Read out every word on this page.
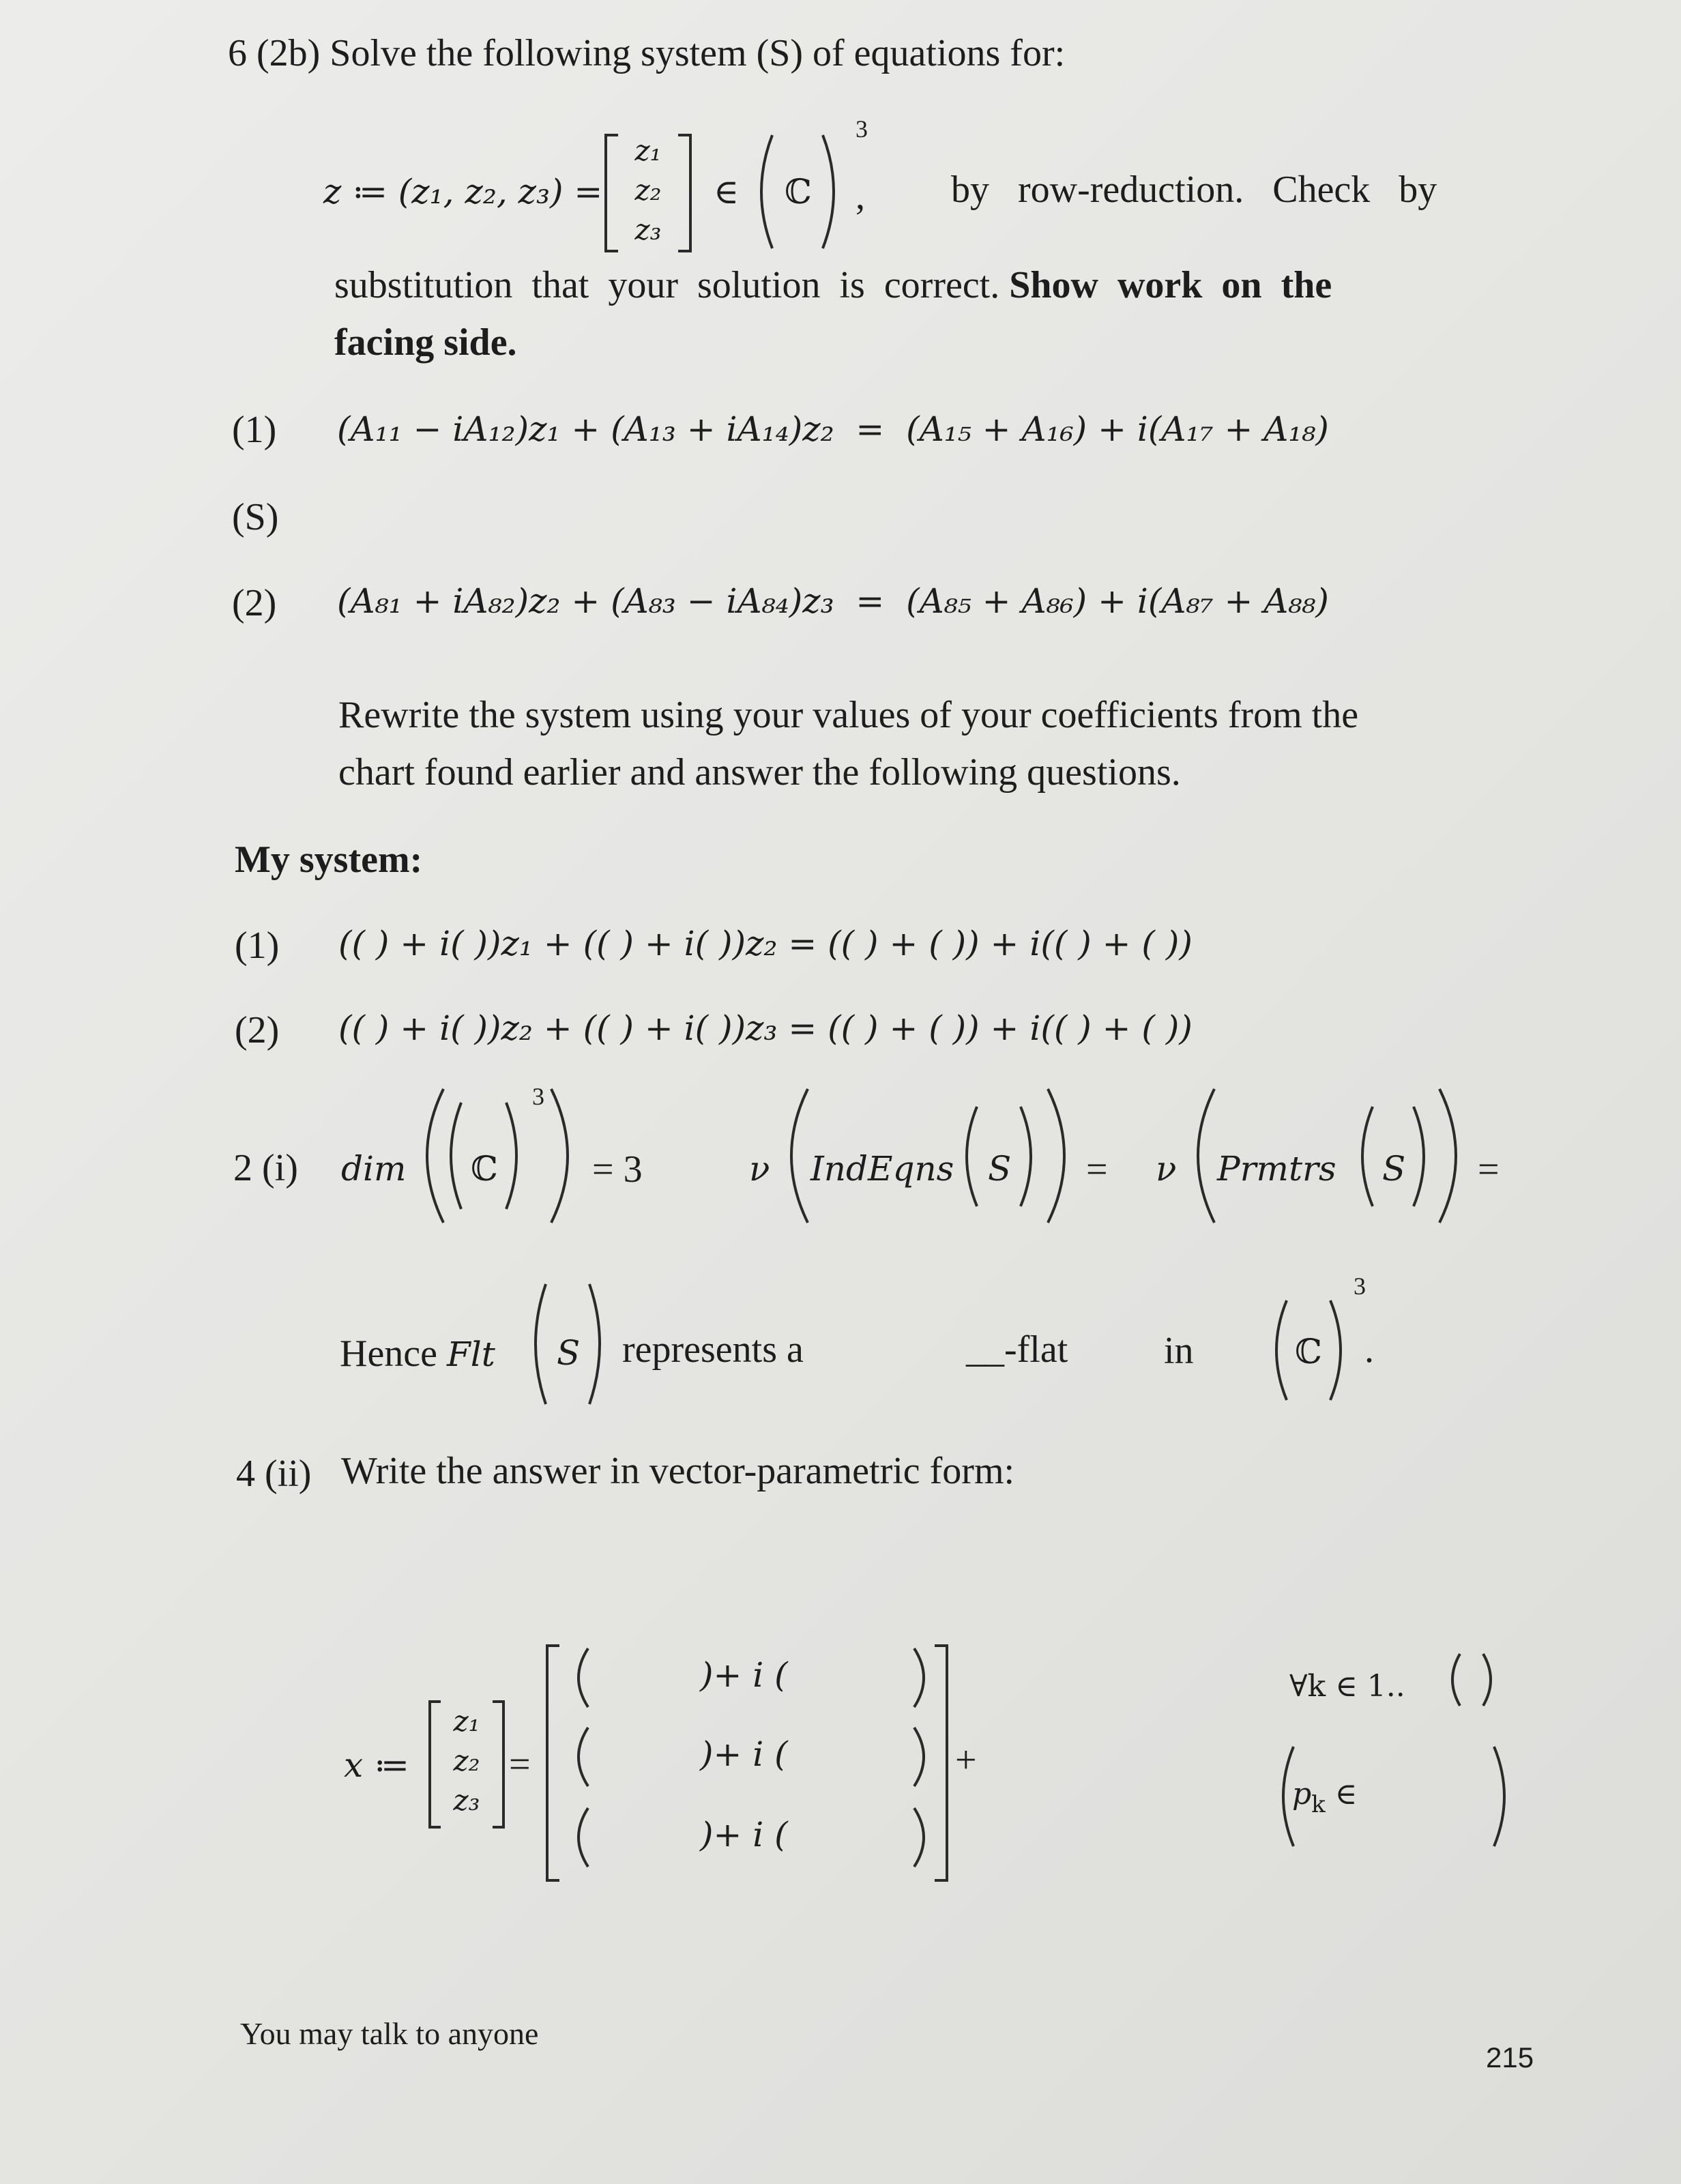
6 (2b) Solve the following system (S) of equations for:
z ≔ (z₁, z₂, z₃) =
z₁
z₂
z₃
∈ ℂ
3
, by   row-reduction.   Check   by
substitution  that  your  solution  is  correct. Show  work  on  the
facing side.
(1) (A₁₁ − iA₁₂)z₁ + (A₁₃ + iA₁₄)z₂  =  (A₁₅ + A₁₆) + i(A₁₇ + A₁₈)
(S)
(2) (A₈₁ + iA₈₂)z₂ + (A₈₃ − iA₈₄)z₃  =  (A₈₅ + A₈₆) + i(A₈₇ + A₈₈)
Rewrite the system using your values of your coefficients from the
chart found earlier and answer the following questions.
My system:
(1) (( ) + i( ))z₁ + (( ) + i( ))z₂ = (( ) + ( )) + i(( ) + ( ))
(2) (( ) + i( ))z₂ + (( ) + i( ))z₃ = (( ) + ( )) + i(( ) + ( ))
2 (i) dim ℂ
3
= 3	ν IndEqns S = ν Prmtrs S =
Hence Flt S represents a	__-flat	in	ℂ
3
.
4 (ii) Write the answer in vector-parametric form:
x ≔
z₁
z₂
z₃
=
)+ i (
)+ i (
)+ i (
+
∀k ∈ 1..
$p_k$ ∈
You may talk to anyone
215
